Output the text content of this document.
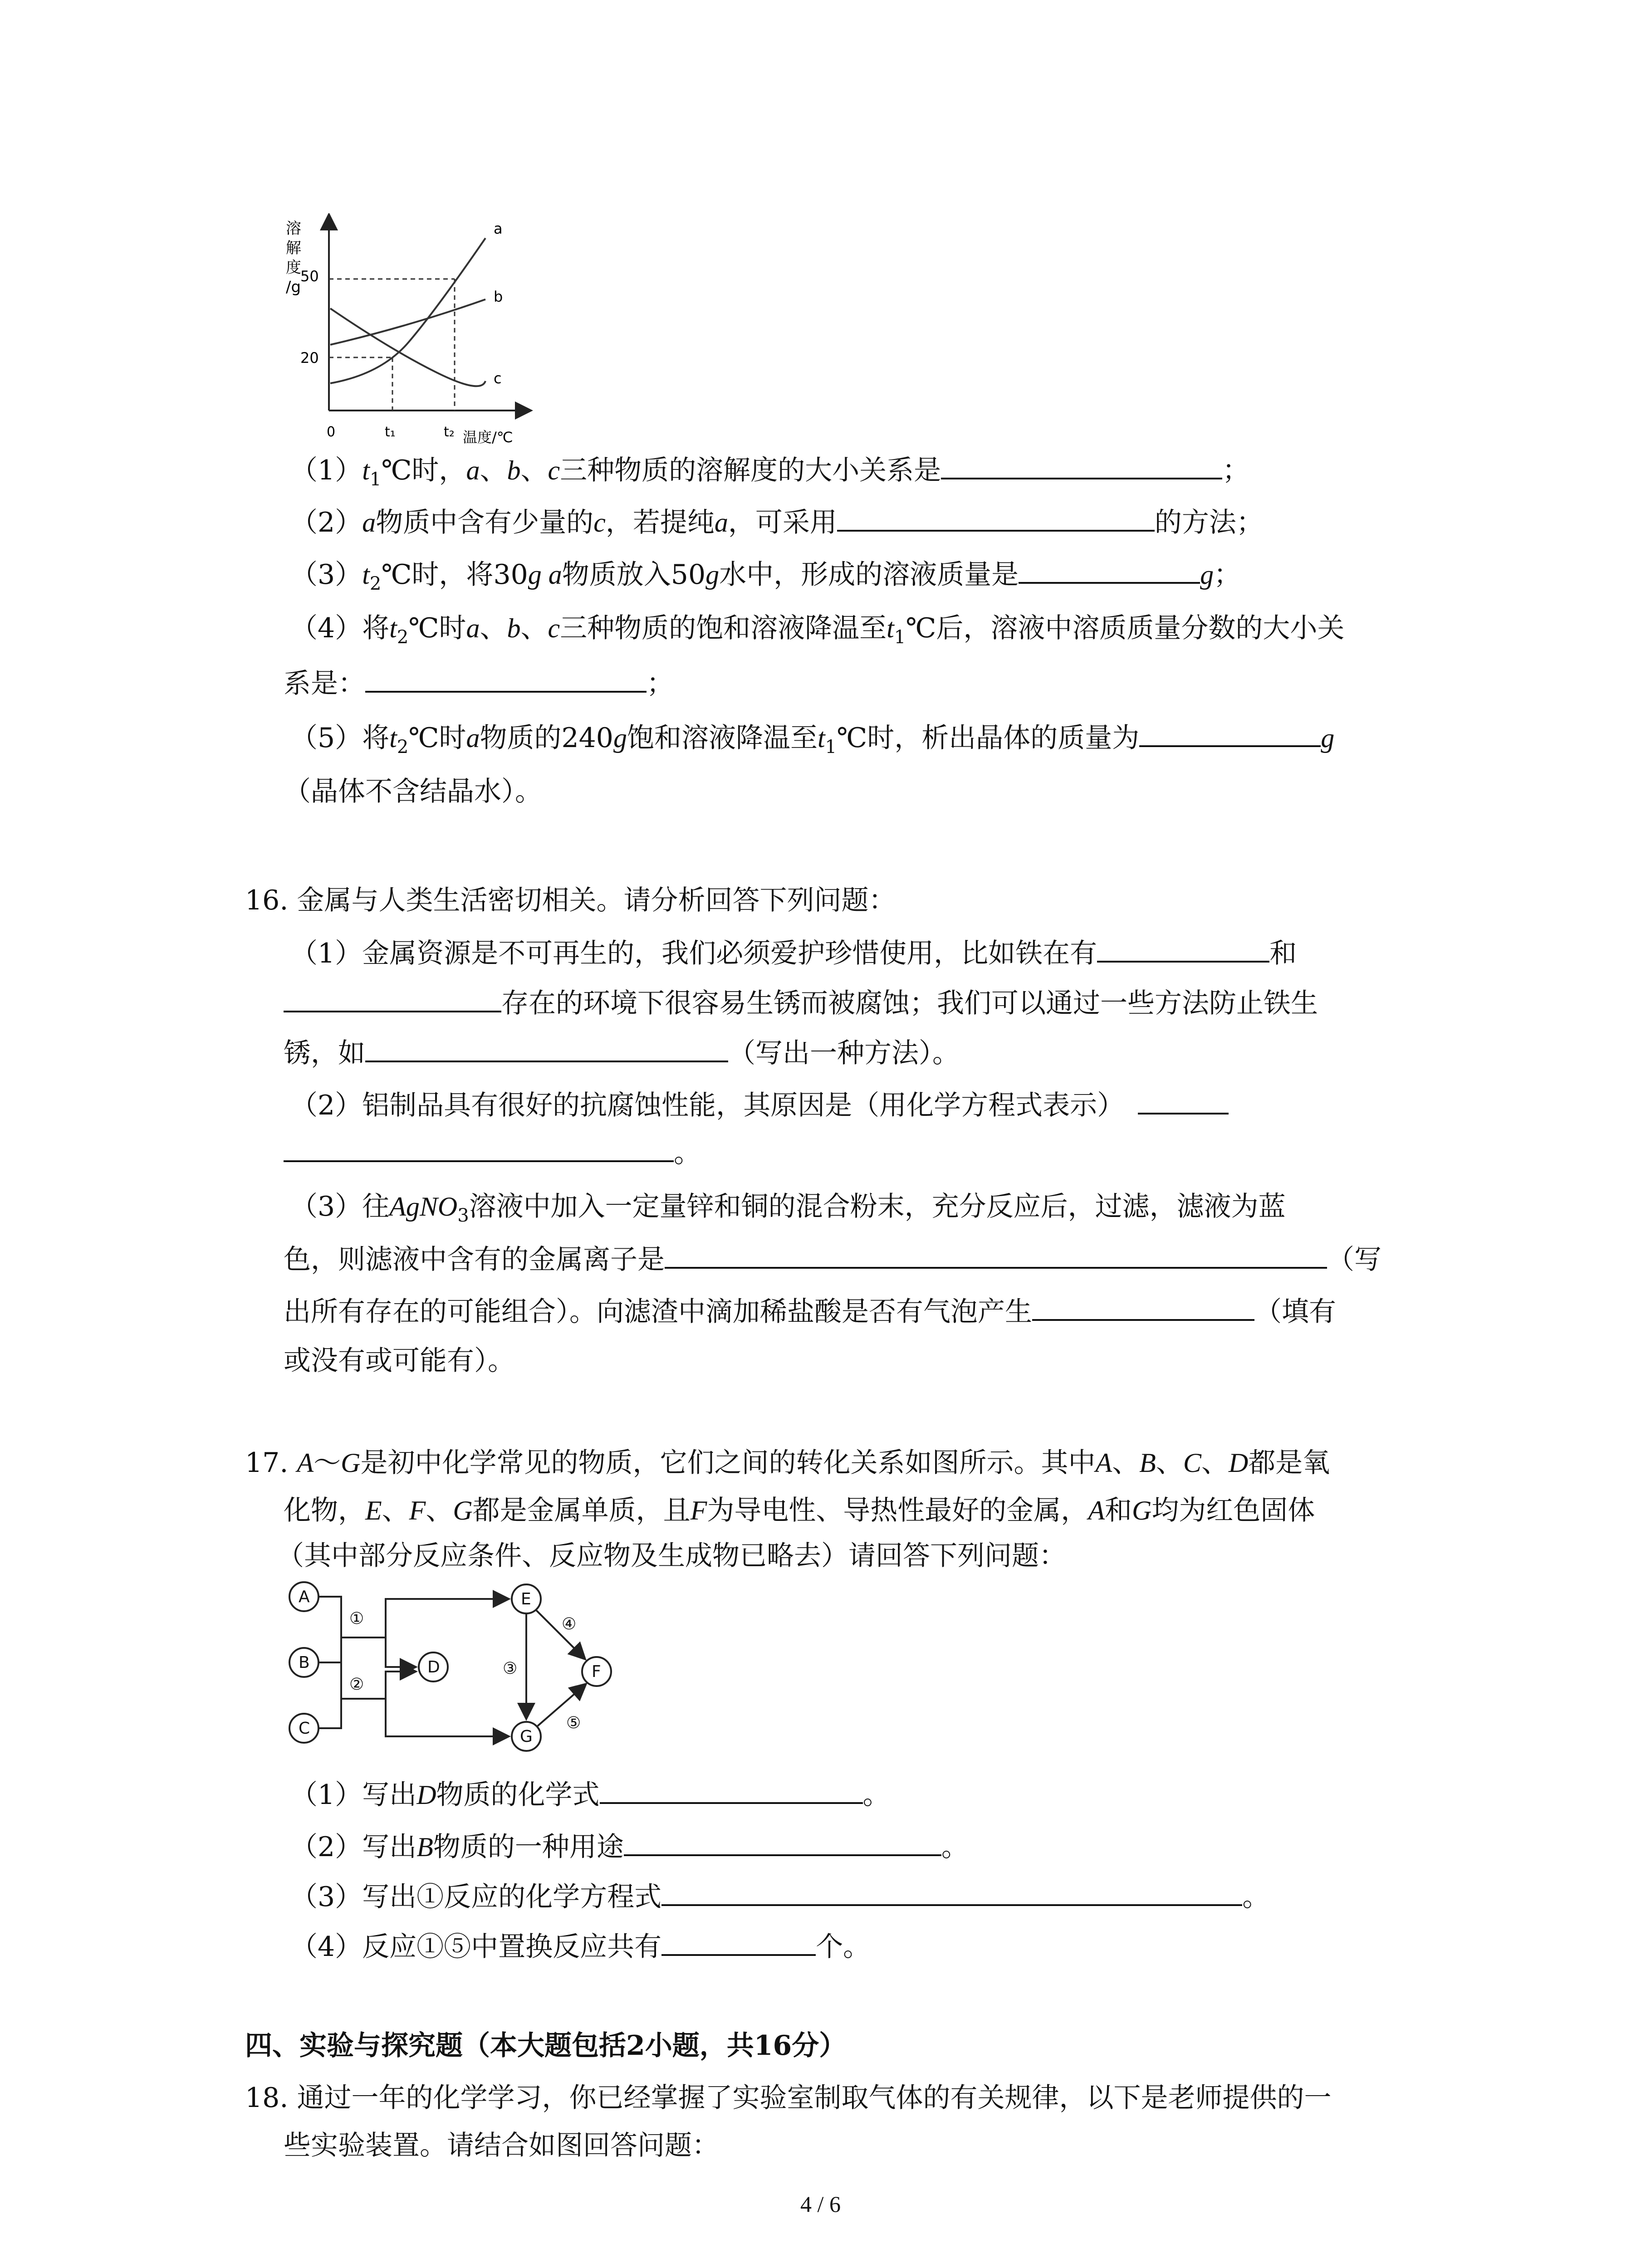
溶
解
度
/g
50
20
0	t₁	t₂ 温度/℃
a
b
c
$(1)t_1℃$时，a、b、c三种物质的溶解度的大小关系是	；
（2）a物质中含有少量的c，若提纯a，可采用	的方法；
$(3)t_2℃$时，将30g a物质放入50g水中，形成的溶液质量是	g；
（4）将$t_2℃$时a、b、c三种物质的饱和溶液降温至$t_1℃$后，溶液中溶质质量分数的大小关
系是：	；
（5）将$t_2℃$时a物质的240g饱和溶液降温至$t_1℃$时，析出晶体的质量为	g
（晶体不含结晶水）。
16. 金属与人类生活密切相关。请分析回答下列问题：
（1）金属资源是不可再生的，我们必须爱护珍惜使用，比如铁在有	和
存在的环境下很容易生锈而被腐蚀；我们可以通过一些方法防止铁生
锈，如	（写出一种方法）。
（2）铝制品具有很好的抗腐蚀性能，其原因是（用化学方程式表示）
。
（3）往AgNO$_3$溶液中加入一定量锌和铜的混合粉末，充分反应后，过滤，滤液为蓝
色，则滤液中含有的金属离子是	（写
出所有存在的可能组合）。向滤渣中滴加稀盐酸是否有气泡产生	（填有
或没有或可能有）。
17. A～G是初中化学常见的物质，它们之间的转化关系如图所示。其中A、B、C、D都是氧
化物，E、F、G都是金属单质，且F为导电性、导热性最好的金属，A和G均为红色固体
（其中部分反应条件、反应物及生成物已略去）请回答下列问题：
A
B
C
D
E
F
G
①
②
③
④
⑤
（1）写出D物质的化学式	。
（2）写出B物质的一种用途	。
（3）写出①反应的化学方程式	。
（4）反应①⑤中置换反应共有	个。
四、实验与探究题（本大题包括2小题，共16分）
18. 通过一年的化学学习，你已经掌握了实验室制取气体的有关规律，以下是老师提供的一
些实验装置。请结合如图回答问题：
4 / 6
